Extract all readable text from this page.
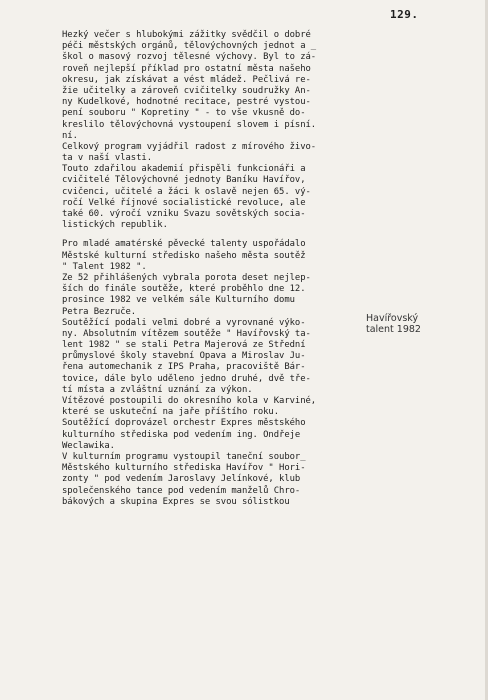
129.
Hezký večer s hlubokými zážitky svědčil o dobré
péči městských orgánů, tělovýchovných jednot a _
škol o masový rozvoj tělesné výchovy. Byl to zá-
roveň nejlepší příklad pro ostatní města našeho
okresu, jak získávat a vést mládež. Pečlivá re-
žie učitelky a zároveň cvičitelky soudružky An-
ny Kudelkové, hodnotné recitace, pestré vystou-
pení souboru " Kopretiny " - to vše vkusně do-
kreslilo tělovýchovná vystoupení slovem i písní.
ní.
Celkový program vyjádřil radost z mírového živo-
ta v naší vlasti.
Touto zdařilou akademií přispěli funkcionáři a
cvičitelé Tělovýchovné jednoty Baníku Havířov,
cvičenci, učitelé a žáci k oslavě nejen 65. vý-
ročí Velké říjnové socialistické revoluce, ale
také 60. výročí vzniku Svazu sovětských socia-
listických republik.
Pro mladé amatérské pěvecké talenty uspořádalo
Městské kulturní středisko našeho města soutěž
" Talent 1982 ".
Ze 52 přihlášených vybrala porota deset nejlep-
ších do finále soutěže, které proběhlo dne 12.
prosince 1982 ve velkém sále Kulturního domu
Petra Bezruče.
Soutěžící podali velmi dobré a vyrovnané výko-
ny. Absolutním vítězem soutěže " Havířovský ta-
lent 1982 " se stali Petra Majerová ze Střední
průmyslové školy stavební Opava a Miroslav Ju-
řena automechanik z IPS Praha, pracoviště Bár-
tovice, dále bylo uděleno jedno druhé, dvě tře-
tí místa a zvláštní uznání za výkon.
Vítězové postoupili do okresního kola v Karviné,
které se uskuteční na jaře příštího roku.
Soutěžící doprovázel orchestr Expres městského
kulturního střediska pod vedením ing. Ondřeje
Weclawika.
V kulturním programu vystoupil taneční soubor_
Městského kulturního střediska Havířov " Hori-
zonty " pod vedením Jaroslavy Jelínkové, klub
společenského tance pod vedením manželů Chro-
bákových a skupina Expres se svou sólistkou
Havířovský
talent 1982
